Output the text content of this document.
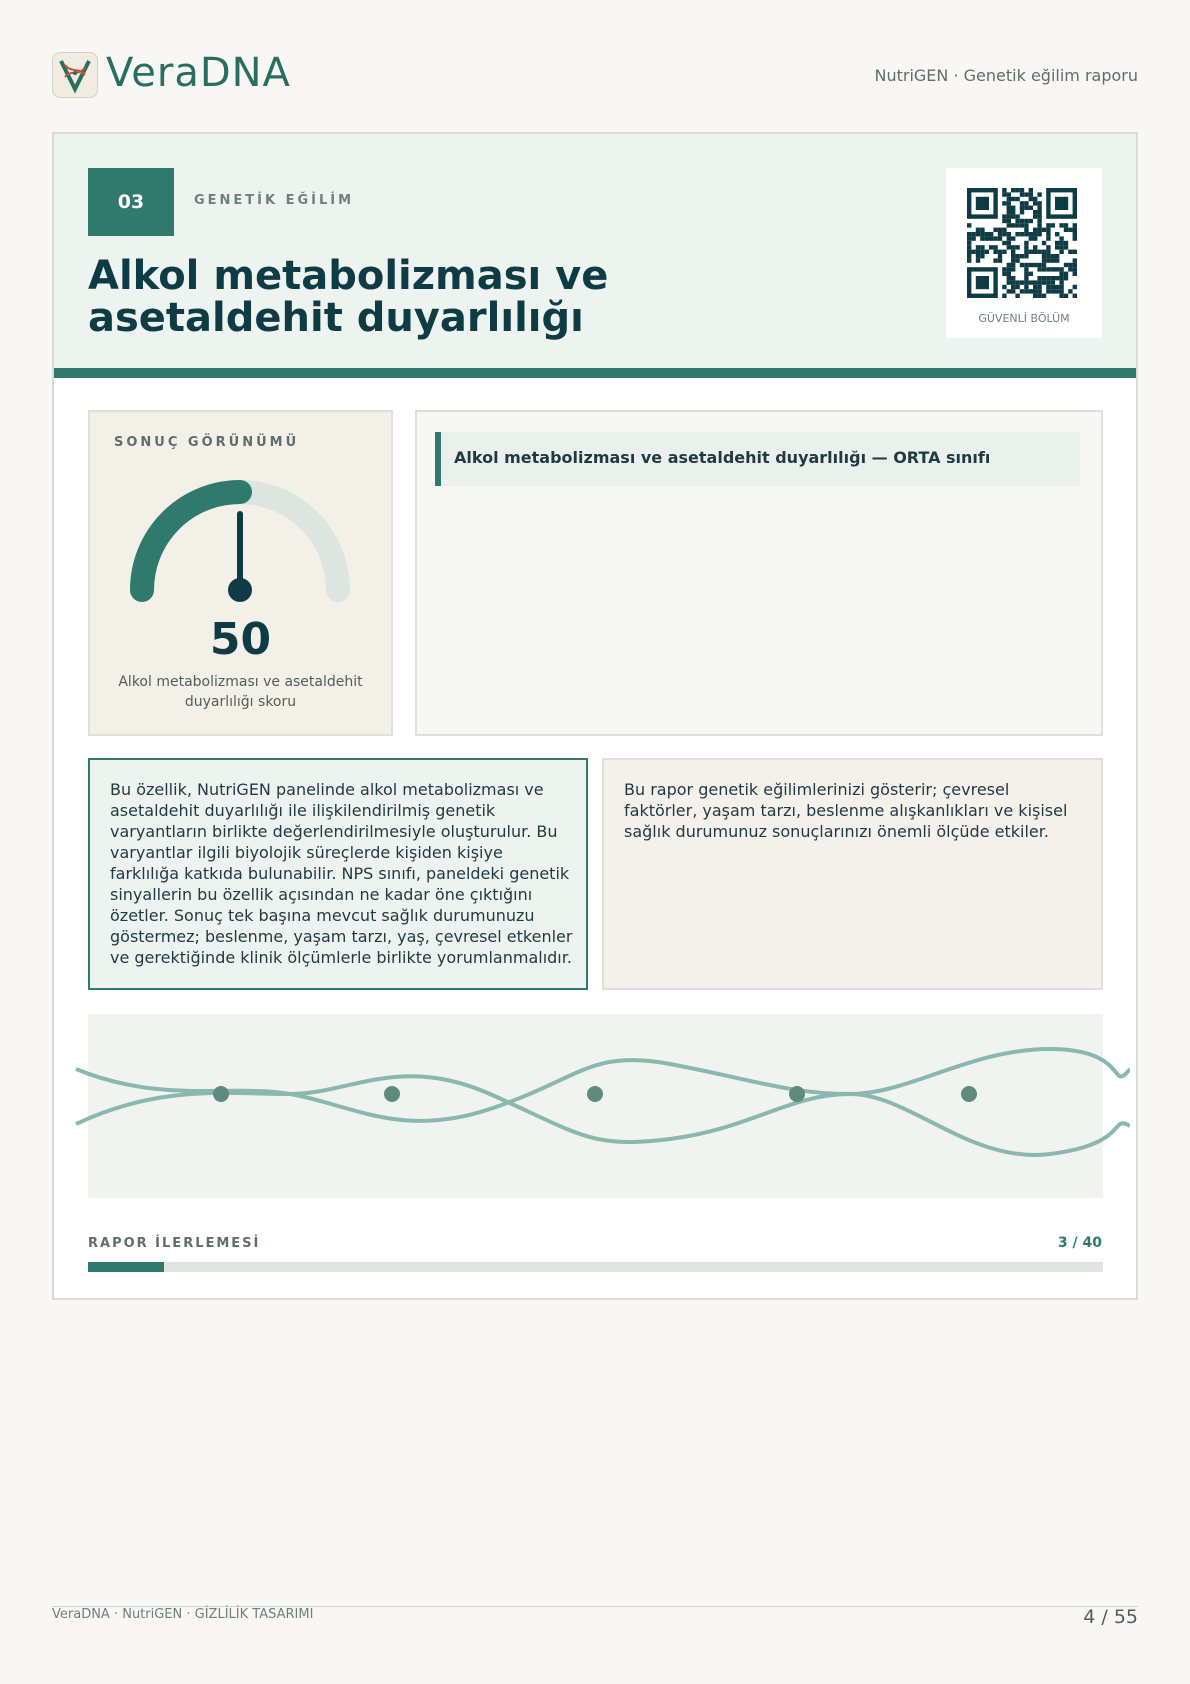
VeraDNA	NutriGEN · Genetik eğilim raporu
03	GENETİK EĞİLİM
Alkol metabolizması ve asetaldehit duyarlılığı	GÜVENLİ BÖLÜM
SONUÇ GÖRÜNÜMÜ
50
Alkol metabolizması ve asetaldehit duyarlılığı skoru
Alkol metabolizması ve asetaldehit duyarlılığı — ORTA sınıfı
Bu özellik, NutriGEN panelinde alkol metabolizması ve asetaldehit duyarlılığı ile ilişkilendirilmiş genetik varyantların birlikte değerlendirilmesiyle oluşturulur. Bu varyantlar ilgili biyolojik süreçlerde kişiden kişiye farklılığa katkıda bulunabilir. NPS sınıfı, paneldeki genetik sinyallerin bu özellik açısından ne kadar öne çıktığını özetler. Sonuç tek başına mevcut sağlık durumunuzu göstermez; beslenme, yaşam tarzı, yaş, çevresel etkenler ve gerektiğinde klinik ölçümlerle birlikte yorumlanmalıdır.
Bu rapor genetik eğilimlerinizi gösterir; çevresel faktörler, yaşam tarzı, beslenme alışkanlıkları ve kişisel sağlık durumunuz sonuçlarınızı önemli ölçüde etkiler.
RAPOR İLERLEMESİ	3 / 40
VeraDNA · NutriGEN · GİZLİLİK TASARIMI	4 / 55
